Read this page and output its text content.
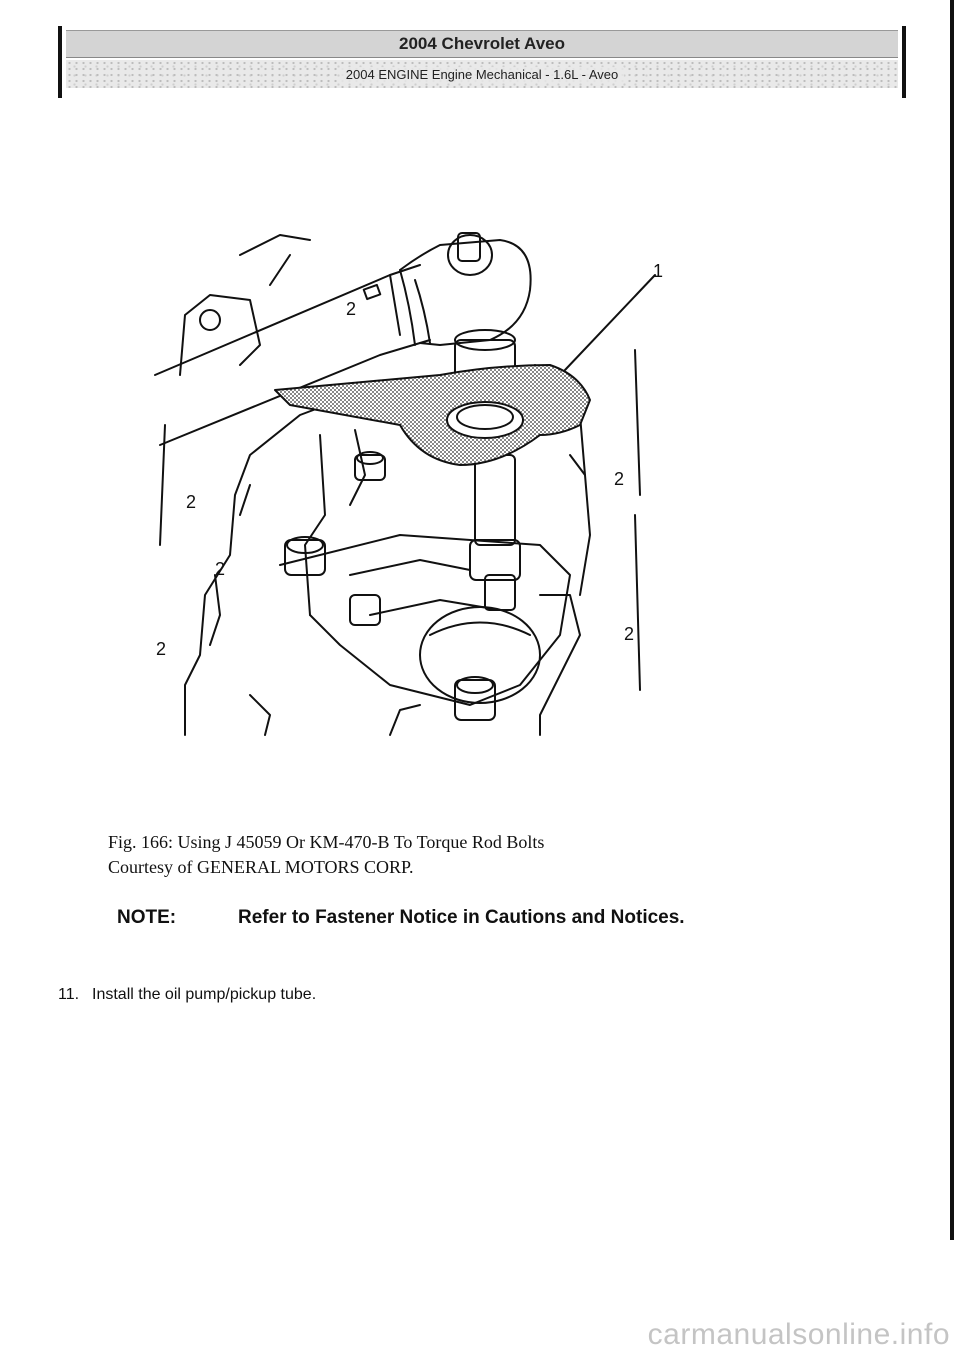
2004 Chevrolet Aveo
2004 ENGINE Engine Mechanical - 1.6L - Aveo
1
2
2
2
2
2
2
Fig. 166: Using J 45059 Or KM-470-B To Torque Rod Bolts
Courtesy of GENERAL MOTORS CORP.
NOTE:	Refer to Fastener Notice in Cautions and Notices.
11. Install the oil pump/pickup tube.
carmanualsonline.info
